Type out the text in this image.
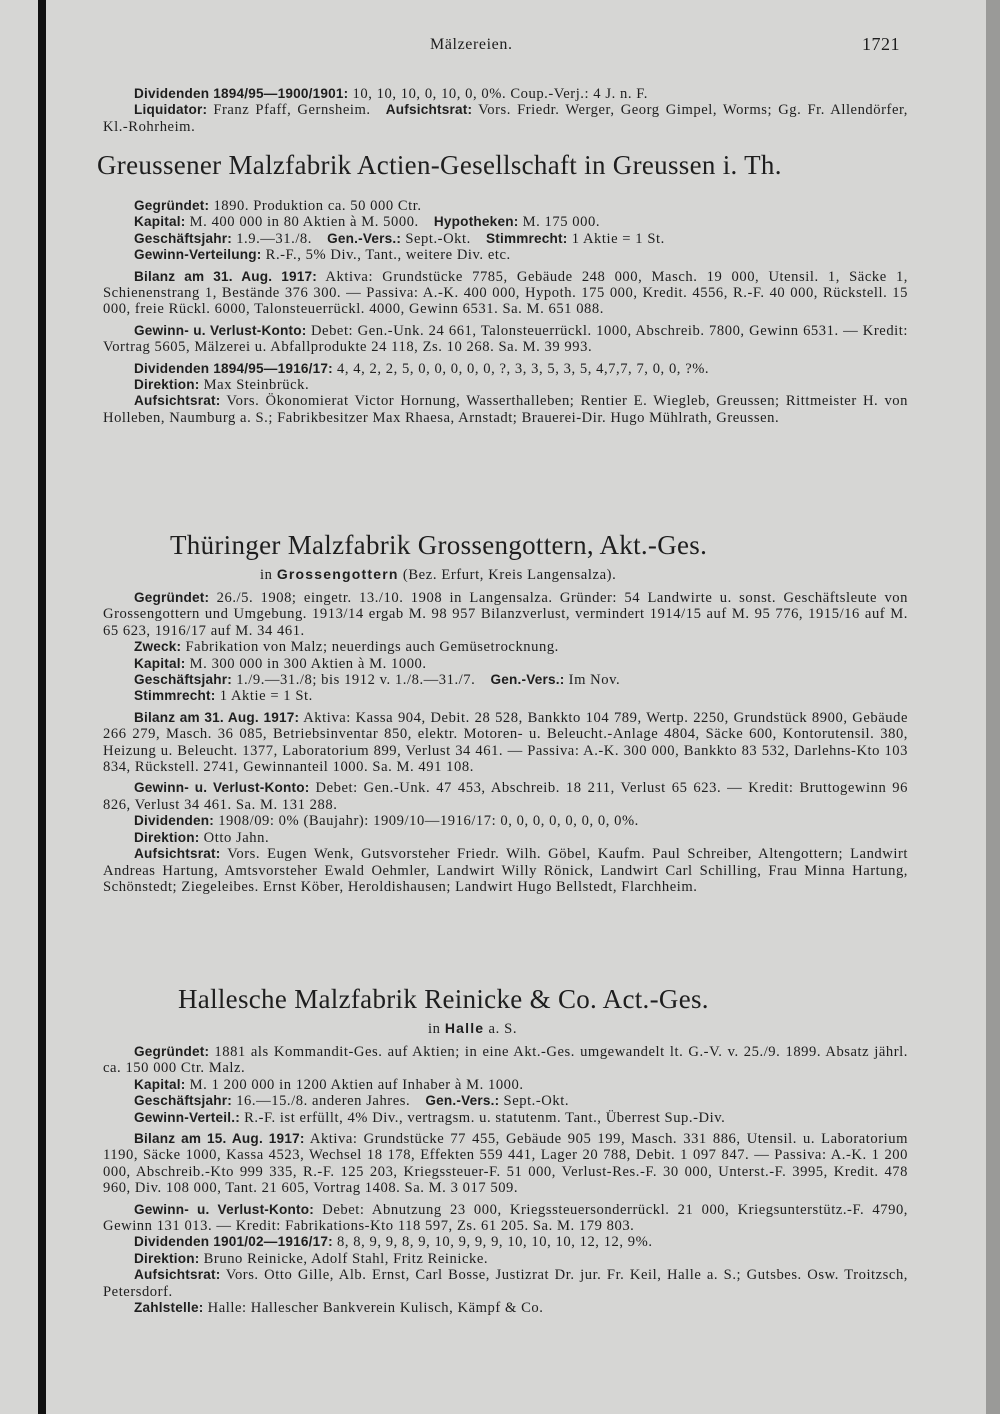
Mälzereien.	1721

Dividenden 1894/95—1900/1901: 10, 10, 10, 0, 10, 0, 0%. Coup.-Verj.: 4 J. n. F.

Liquidator: Franz Pfaff, Gernsheim.  Aufsichtsrat: Vors. Friedr. Werger, Georg Gimpel, Worms; Gg. Fr. Allendörfer, Kl.-Rohrheim.

Greussener Malzfabrik Actien-Gesellschaft in Greussen i. Th.

Gegründet: 1890. Produktion ca. 50 000 Ctr.

Kapital: M. 400 000 in 80 Aktien à M. 5000.  Hypotheken: M. 175 000.

Geschäftsjahr: 1.9.—31./8.  Gen.-Vers.: Sept.-Okt.  Stimmrecht: 1 Aktie = 1 St.

Gewinn-Verteilung: R.-F., 5% Div., Tant., weitere Div. etc.

Bilanz am 31. Aug. 1917: Aktiva: Grundstücke 7785, Gebäude 248 000, Masch. 19 000, Utensil. 1, Säcke 1, Schienenstrang 1, Bestände 376 300. — Passiva: A.-K. 400 000, Hypoth. 175 000, Kredit. 4556, R.-F. 40 000, Rückstell. 15 000, freie Rückl. 6000, Talonsteuerrückl. 4000, Gewinn 6531. Sa. M. 651 088.

Gewinn- u. Verlust-Konto: Debet: Gen.-Unk. 24 661, Talonsteuerrückl. 1000, Abschreib. 7800, Gewinn 6531. — Kredit: Vortrag 5605, Mälzerei u. Abfallprodukte 24 118, Zs. 10 268. Sa. M. 39 993.

Dividenden 1894/95—1916/17: 4, 4, 2, 2, 5, 0, 0, 0, 0, 0, ?, 3, 3, 5, 3, 5, 4,7,7, 7, 0, 0, ?%.

Direktion: Max Steinbrück.

Aufsichtsrat: Vors. Ökonomierat Victor Hornung, Wasserthalleben; Rentier E. Wiegleb, Greussen; Rittmeister H. von Holleben, Naumburg a. S.; Fabrikbesitzer Max Rhaesa, Arnstadt; Brauerei-Dir. Hugo Mühlrath, Greussen.

Thüringer Malzfabrik Grossengottern, Akt.-Ges.
in Grossengottern (Bez. Erfurt, Kreis Langensalza).

Gegründet: 26./5. 1908; eingetr. 13./10. 1908 in Langensalza. Gründer: 54 Landwirte u. sonst. Geschäftsleute von Grossengottern und Umgebung. 1913/14 ergab M. 98 957 Bilanzverlust, vermindert 1914/15 auf M. 95 776, 1915/16 auf M. 65 623, 1916/17 auf M. 34 461.

Zweck: Fabrikation von Malz; neuerdings auch Gemüsetrocknung.

Kapital: M. 300 000 in 300 Aktien à M. 1000.

Geschäftsjahr: 1./9.—31./8; bis 1912 v. 1./8.—31./7.  Gen.-Vers.: Im Nov.

Stimmrecht: 1 Aktie = 1 St.

Bilanz am 31. Aug. 1917: Aktiva: Kassa 904, Debit. 28 528, Bankkto 104 789, Wertp. 2250, Grundstück 8900, Gebäude 266 279, Masch. 36 085, Betriebsinventar 850, elektr. Motoren- u. Beleucht.-Anlage 4804, Säcke 600, Kontorutensil. 380, Heizung u. Beleucht. 1377, Laboratorium 899, Verlust 34 461. — Passiva: A.-K. 300 000, Bankkto 83 532, Darlehns-Kto 103 834, Rückstell. 2741, Gewinnanteil 1000. Sa. M. 491 108.

Gewinn- u. Verlust-Konto: Debet: Gen.-Unk. 47 453, Abschreib. 18 211, Verlust 65 623. — Kredit: Bruttogewinn 96 826, Verlust 34 461. Sa. M. 131 288.

Dividenden: 1908/09: 0% (Baujahr): 1909/10—1916/17: 0, 0, 0, 0, 0, 0, 0, 0%.

Direktion: Otto Jahn.

Aufsichtsrat: Vors. Eugen Wenk, Gutsvorsteher Friedr. Wilh. Göbel, Kaufm. Paul Schreiber, Altengottern; Landwirt Andreas Hartung, Amtsvorsteher Ewald Oehmler, Landwirt Willy Rönick, Landwirt Carl Schilling, Frau Minna Hartung, Schönstedt; Ziegeleibes. Ernst Köber, Heroldishausen; Landwirt Hugo Bellstedt, Flarchheim.

Hallesche Malzfabrik Reinicke & Co. Act.-Ges.
in Halle a. S.

Gegründet: 1881 als Kommandit-Ges. auf Aktien; in eine Akt.-Ges. umgewandelt lt. G.-V. v. 25./9. 1899. Absatz jährl. ca. 150 000 Ctr. Malz.

Kapital: M. 1 200 000 in 1200 Aktien auf Inhaber à M. 1000.

Geschäftsjahr: 16.—15./8. anderen Jahres.  Gen.-Vers.: Sept.-Okt.

Gewinn-Verteil.: R.-F. ist erfüllt, 4% Div., vertragsm. u. statutenm. Tant., Überrest Sup.-Div.

Bilanz am 15. Aug. 1917: Aktiva: Grundstücke 77 455, Gebäude 905 199, Masch. 331 886, Utensil. u. Laboratorium 1190, Säcke 1000, Kassa 4523, Wechsel 18 178, Effekten 559 441, Lager 20 788, Debit. 1 097 847. — Passiva: A.-K. 1 200 000, Abschreib.-Kto 999 335, R.-F. 125 203, Kriegssteuer-F. 51 000, Verlust-Res.-F. 30 000, Unterst.-F. 3995, Kredit. 478 960, Div. 108 000, Tant. 21 605, Vortrag 1408. Sa. M. 3 017 509.

Gewinn- u. Verlust-Konto: Debet: Abnutzung 23 000, Kriegssteuersonderrückl. 21 000, Kriegsunterstütz.-F. 4790, Gewinn 131 013. — Kredit: Fabrikations-Kto 118 597, Zs. 61 205. Sa. M. 179 803.

Dividenden 1901/02—1916/17: 8, 8, 9, 9, 8, 9, 10, 9, 9, 9, 10, 10, 10, 12, 12, 9%.

Direktion: Bruno Reinicke, Adolf Stahl, Fritz Reinicke.

Aufsichtsrat: Vors. Otto Gille, Alb. Ernst, Carl Bosse, Justizrat Dr. jur. Fr. Keil, Halle a. S.; Gutsbes. Osw. Troitzsch, Petersdorf.

Zahlstelle: Halle: Hallescher Bankverein Kulisch, Kämpf & Co.
